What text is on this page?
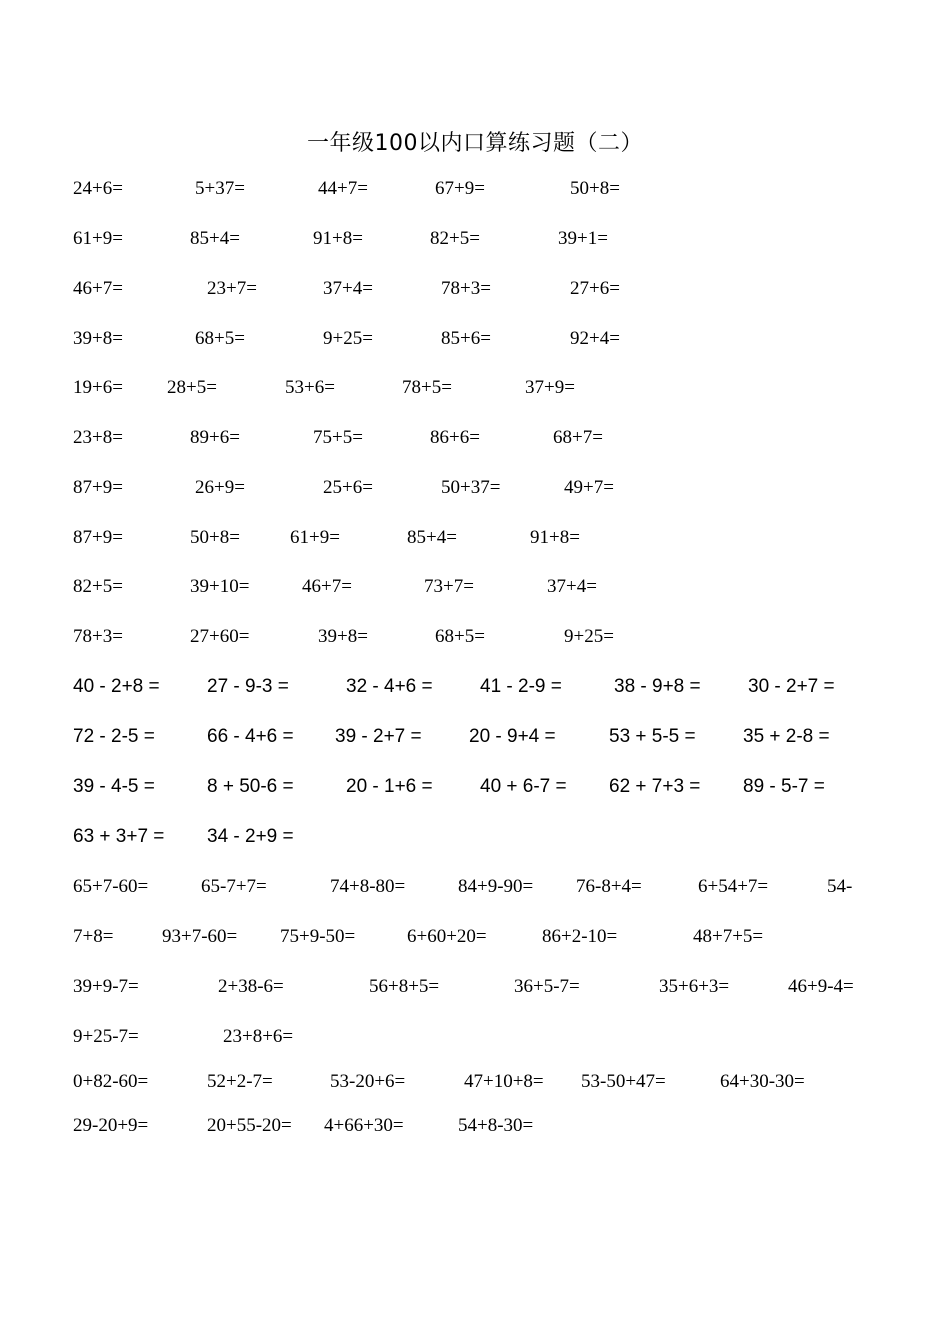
一年级100以内口算练习题（二）
24+6=	5+37=	44+7=	67+9=	50+8=
61+9=	85+4=	91+8=	82+5=	39+1=
46+7=	23+7=	37+4=	78+3=	27+6=
39+8=	68+5=	9+25=	85+6=	92+4=
19+6= 28+5=	53+6=	78+5=	37+9=
23+8=	89+6=	75+5=	86+6=	68+7=
87+9=	26+9=	25+6=	50+37=	49+7=
87+9=	50+8=	61+9=	85+4=	91+8=
82+5=	39+10=	46+7=	73+7=	37+4=
78+3=	27+60=	39+8=	68+5=	9+25=
40 - 2+8 = 27 - 9-3 =	32 - 4+6 = 41 - 2-9 =	38 - 9+8 = 30 - 2+7 =
72 - 2-5 =	66 - 4+6 = 39 - 2+7 = 20 - 9+4 =	53 + 5-5 = 35 + 2-8 =
39 - 4-5 =	8 + 50-6 =	20 - 1+6 = 40 + 6-7 = 62 + 7+3 = 89 - 5-7 =
63 + 3+7 = 34 - 2+9 =
65+7-60=	65-7+7=	74+8-80=	84+9-90= 76-8+4=	6+54+7=	54-
7+8=	93+7-60= 75+9-50=	6+60+20=	86+2-10=	48+7+5=
39+9-7=	2+38-6=	56+8+5=	36+5-7=	35+6+3=	46+9-4=
9+25-7=	23+8+6=
0+82-60=	52+2-7=	53-20+6=	47+10+8= 53-50+47=	64+30-30=
29-20+9=	20+55-20= 4+66+30=	54+8-30=
